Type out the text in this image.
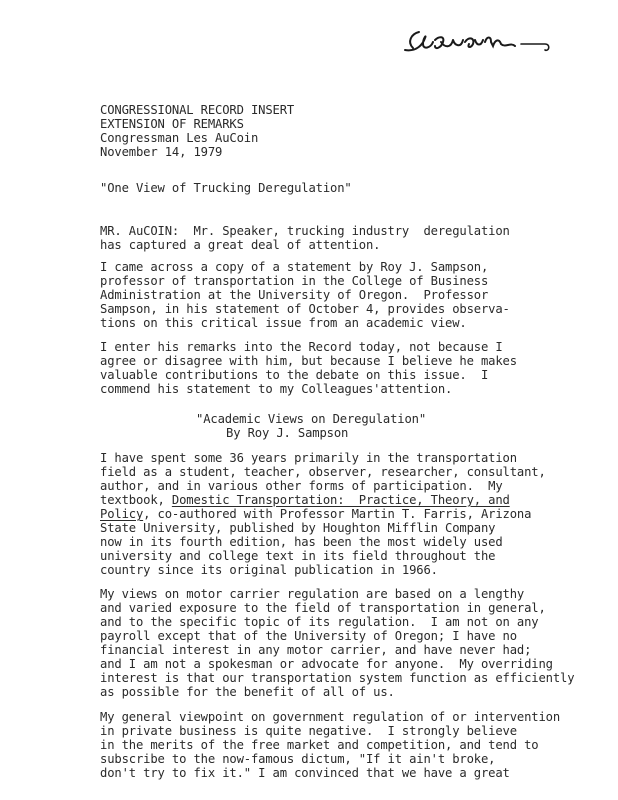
CONGRESSIONAL RECORD INSERT
EXTENSION OF REMARKS
Congressman Les AuCoin
November 14, 1979
"One View of Trucking Deregulation"
MR. AuCOIN:  Mr. Speaker, trucking industry  deregulation
has captured a great deal of attention.
I came across a copy of a statement by Roy J. Sampson,
professor of transportation in the College of Business
Administration at the University of Oregon.  Professor
Sampson, in his statement of October 4, provides observa-
tions on this critical issue from an academic view.
I enter his remarks into the Record today, not because I
agree or disagree with him, but because I believe he makes
valuable contributions to the debate on this issue.  I
commend his statement to my Colleagues'attention.
"Academic Views on Deregulation"
By Roy J. Sampson
I have spent some 36 years primarily in the transportation
field as a student, teacher, observer, researcher, consultant,
author, and in various other forms of participation.  My
textbook, Domestic Transportation:  Practice, Theory, and
Policy, co-authored with Professor Martin T. Farris, Arizona
State University, published by Houghton Mifflin Company
now in its fourth edition, has been the most widely used
university and college text in its field throughout the
country since its original publication in 1966.
My views on motor carrier regulation are based on a lengthy
and varied exposure to the field of transportation in general,
and to the specific topic of its regulation.  I am not on any
payroll except that of the University of Oregon; I have no
financial interest in any motor carrier, and have never had;
and I am not a spokesman or advocate for anyone.  My overriding
interest is that our transportation system function as efficiently
as possible for the benefit of all of us.
My general viewpoint on government regulation of or intervention
in private business is quite negative.  I strongly believe
in the merits of the free market and competition, and tend to
subscribe to the now-famous dictum, "If it ain't broke,
don't try to fix it." I am convinced that we have a great
